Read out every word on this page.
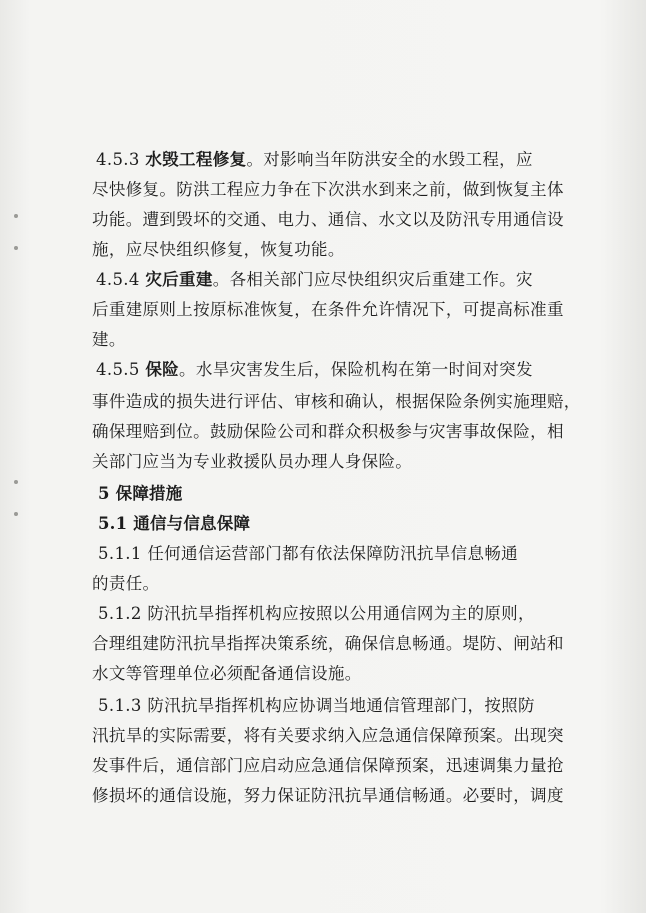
4.5.3 水毁工程修复。对影响当年防洪安全的水毁工程，应
尽快修复。防洪工程应力争在下次洪水到来之前，做到恢复主体
功能。遭到毁坏的交通、电力、通信、水文以及防汛专用通信设
施，应尽快组织修复，恢复功能。
4.5.4 灾后重建。各相关部门应尽快组织灾后重建工作。灾
后重建原则上按原标准恢复，在条件允许情况下，可提高标准重
建。
4.5.5 保险。水旱灾害发生后，保险机构在第一时间对突发
事件造成的损失进行评估、审核和确认，根据保险条例实施理赔，
确保理赔到位。鼓励保险公司和群众积极参与灾害事故保险，相
关部门应当为专业救援队员办理人身保险。
5 保障措施
5.1 通信与信息保障
5.1.1 任何通信运营部门都有依法保障防汛抗旱信息畅通
的责任。
5.1.2 防汛抗旱指挥机构应按照以公用通信网为主的原则，
合理组建防汛抗旱指挥决策系统，确保信息畅通。堤防、闸站和
水文等管理单位必须配备通信设施。
5.1.3 防汛抗旱指挥机构应协调当地通信管理部门，按照防
汛抗旱的实际需要，将有关要求纳入应急通信保障预案。出现突
发事件后，通信部门应启动应急通信保障预案，迅速调集力量抢
修损坏的通信设施，努力保证防汛抗旱通信畅通。必要时，调度
